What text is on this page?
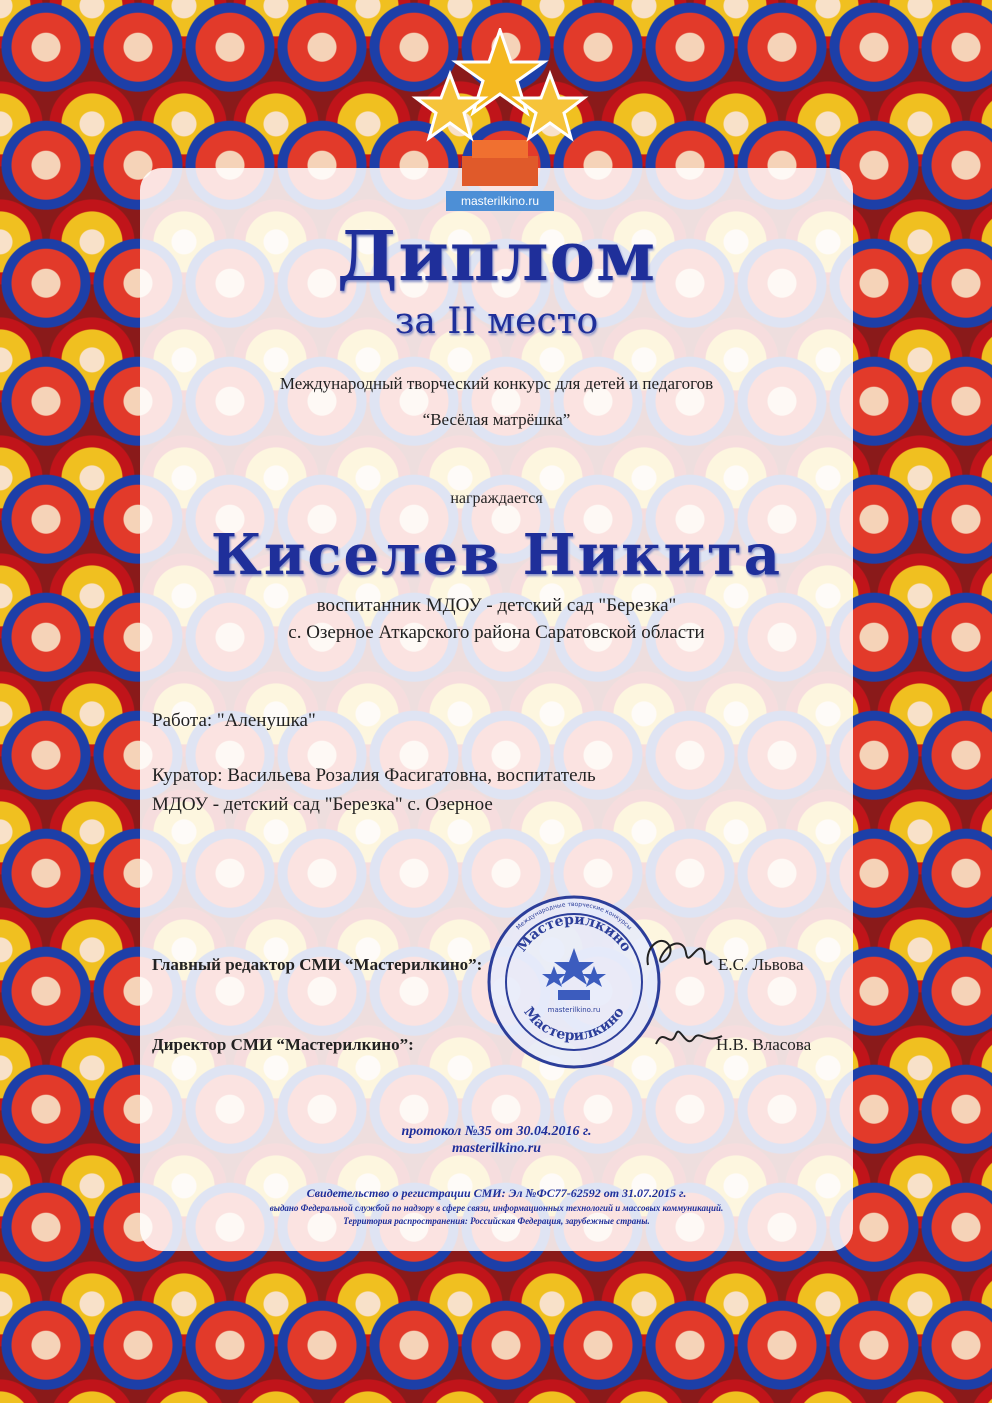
masterilkino.ru
Диплом
за II место
Международный творческий конкурс для детей и педагогов
“Весёлая матрёшка”
награждается
Киселев Никита
воспитанник МДОУ - детский сад "Березка"
с. Озерное Аткарского района Саратовской области
Работа: "Аленушка"
Куратор: Васильева Розалия Фасигатовна, воспитатель
МДОУ - детский сад "Березка" с. Озерное
Международные творческие конкурсы
Мастерилкино
Мастерилкино
masterilkino.ru
Главный редактор СМИ “Мастерилкино”:	Е.С. Львова
Директор СМИ “Мастерилкино”:	Н.В. Власова
протокол №35 от 30.04.2016 г.
masterilkino.ru
Свидетельство о регистрации СМИ: Эл №ФС77-62592 от 31.07.2015 г.
выдано Федеральной службой по надзору в сфере связи, информационных технологий и массовых коммуникаций.
Территория распространения: Российская Федерация, зарубежные страны.
